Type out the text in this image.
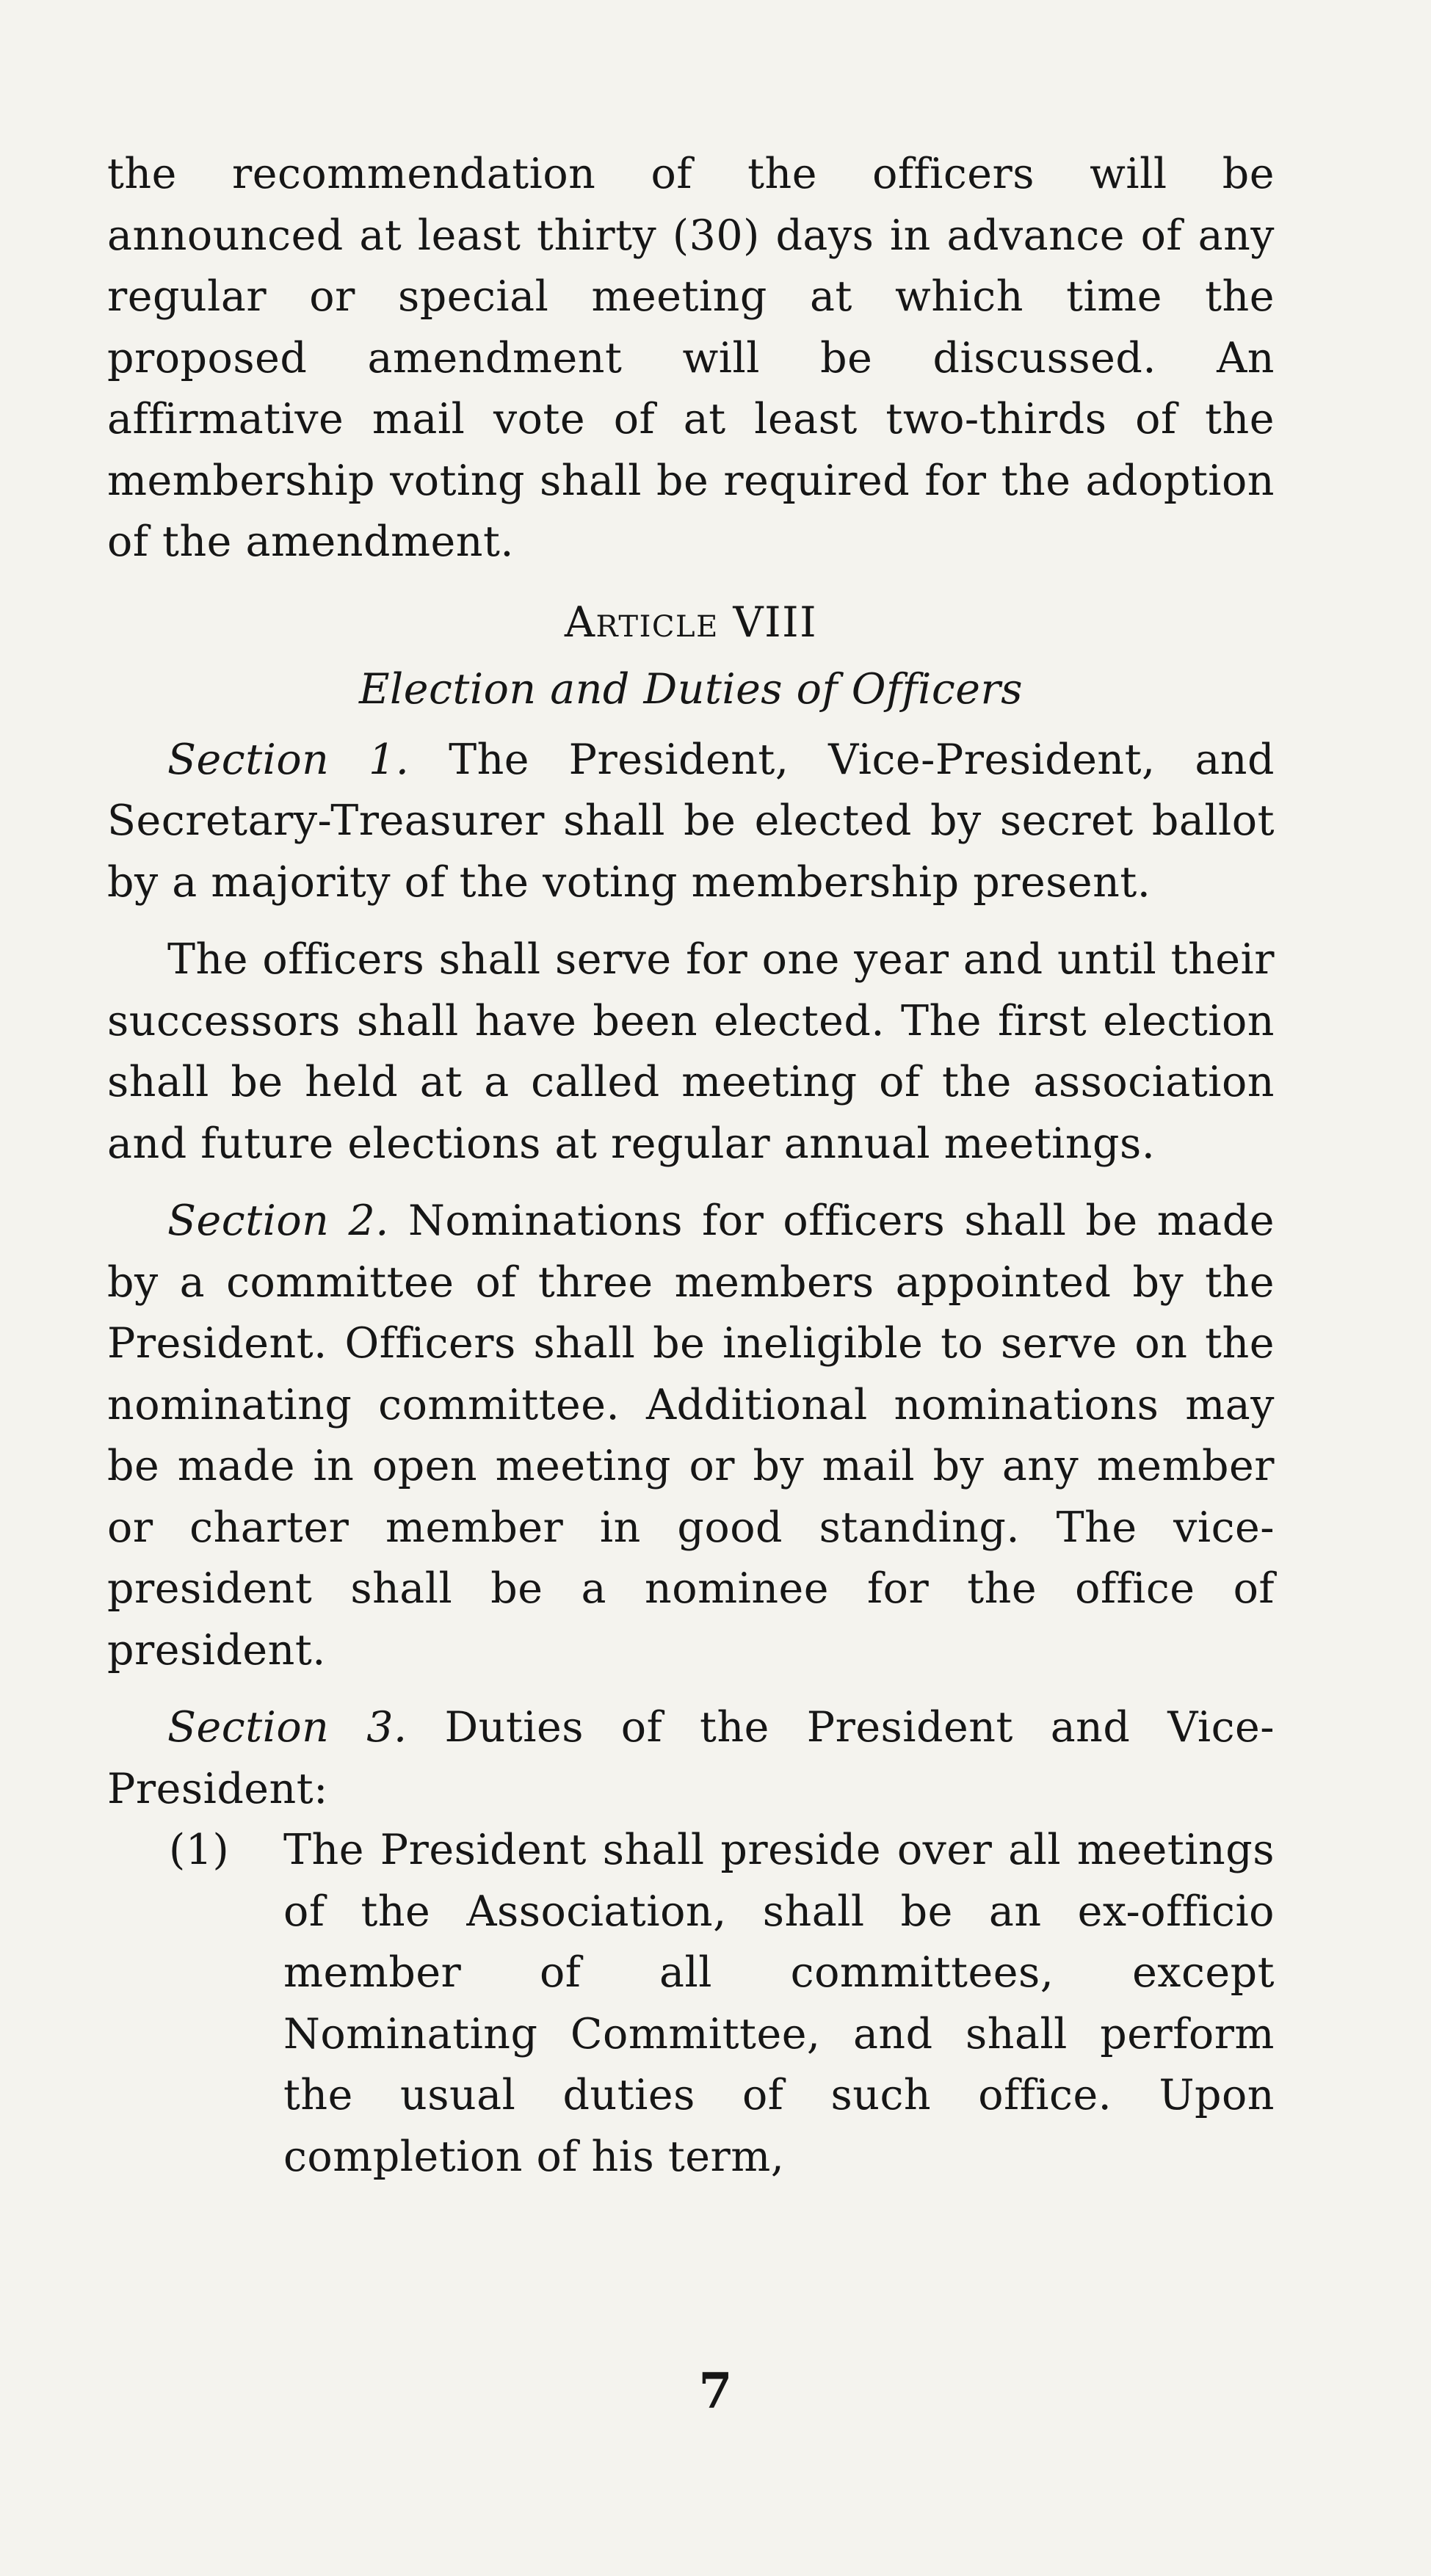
the recommendation of the officers will be announced at least thirty (30) days in advance of any regular or special meeting at which time the proposed amendment will be discussed. An affirmative mail vote of at least two-thirds of the membership voting shall be required for the adoption of the amendment.

Article VIII
Election and Duties of Officers

Section 1. The President, Vice-President, and Secretary-Treasurer shall be elected by secret ballot by a majority of the voting membership present.

The officers shall serve for one year and until their successors shall have been elected. The first election shall be held at a called meeting of the association and future elections at regular annual meetings.

Section 2. Nominations for officers shall be made by a committee of three members appointed by the President. Officers shall be ineligible to serve on the nominating committee. Additional nominations may be made in open meeting or by mail by any member or charter member in good standing. The vice-president shall be a nominee for the office of president.

Section 3. Duties of the President and Vice-President:

(1)	The President shall preside over all meetings of the Association, shall be an ex-officio member of all committees, except Nominating Committee, and shall perform the usual duties of such office. Upon completion of his term,
7
